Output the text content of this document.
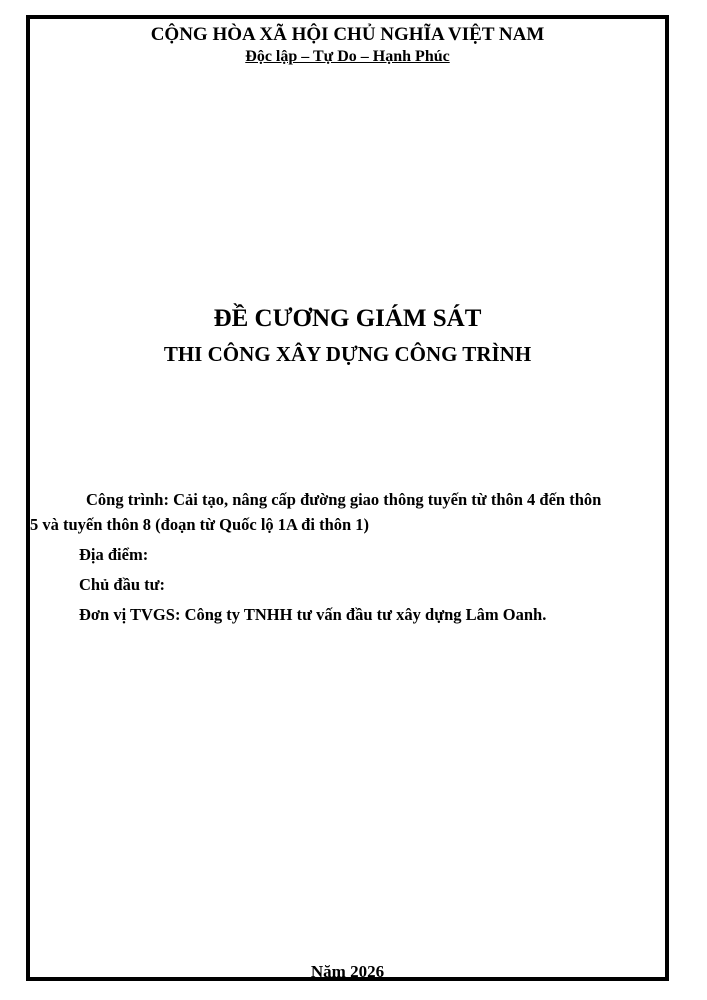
CỘNG HÒA XÃ HỘI CHỦ NGHĨA VIỆT NAM
Độc lập – Tự Do – Hạnh Phúc
ĐỀ CƯƠNG GIÁM SÁT
THI CÔNG XÂY DỰNG CÔNG TRÌNH
Công trình: Cải tạo, nâng cấp đường giao thông tuyến từ thôn 4 đến thôn
5 và tuyến thôn 8 (đoạn từ Quốc lộ 1A đi thôn 1)
Địa điểm:
Chủ đầu tư:
Đơn vị TVGS: Công ty TNHH tư vấn đầu tư xây dựng Lâm Oanh.
Năm 2026
